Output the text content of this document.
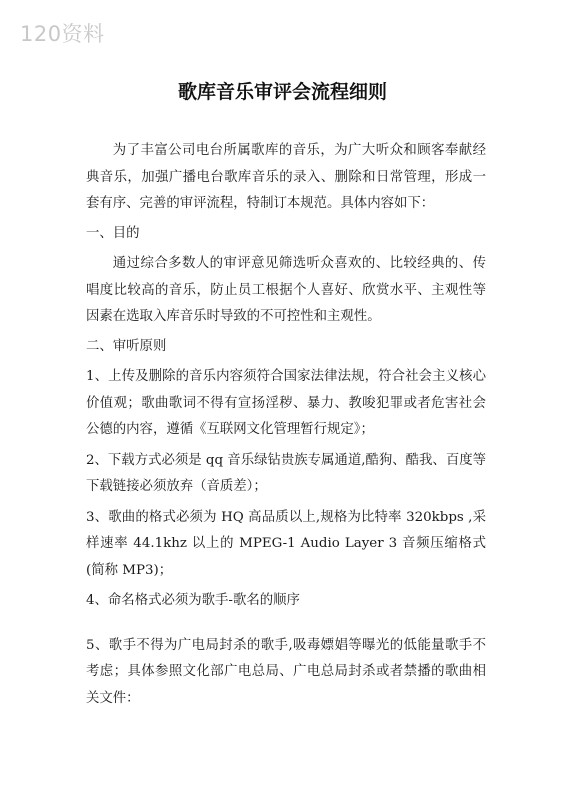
120资料
歌库音乐审评会流程细则

为了丰富公司电台所属歌库的音乐，为广大听众和顾客奉献经典音乐，加强广播电台歌库音乐的录入、删除和日常管理，形成一套有序、完善的审评流程，特制订本规范。具体内容如下：

一、目的

通过综合多数人的审评意见筛选听众喜欢的、比较经典的、传唱度比较高的音乐，防止员工根据个人喜好、欣赏水平、主观性等因素在选取入库音乐时导致的不可控性和主观性。

二、审听原则

1、上传及删除的音乐内容须符合国家法律法规，符合社会主义核心价值观；歌曲歌词不得有宣扬淫秽、暴力、教唆犯罪或者危害社会公德的内容，遵循《互联网文化管理暂行规定》；

2、下载方式必须是 qq 音乐绿钻贵族专属通道,酷狗、酷我、百度等下载链接必须放弃（音质差）；

3、歌曲的格式必须为 HQ 高品质以上,规格为比特率 320kbps ,采样速率 44.1khz 以上的 MPEG-1 Audio Layer 3 音频压缩格式(简称 MP3)；

4、命名格式必须为歌手-歌名的顺序

5、歌手不得为广电局封杀的歌手,吸毒嫖娼等曝光的低能量歌手不考虑；具体参照文化部广电总局、广电总局封杀或者禁播的歌曲相关文件：
